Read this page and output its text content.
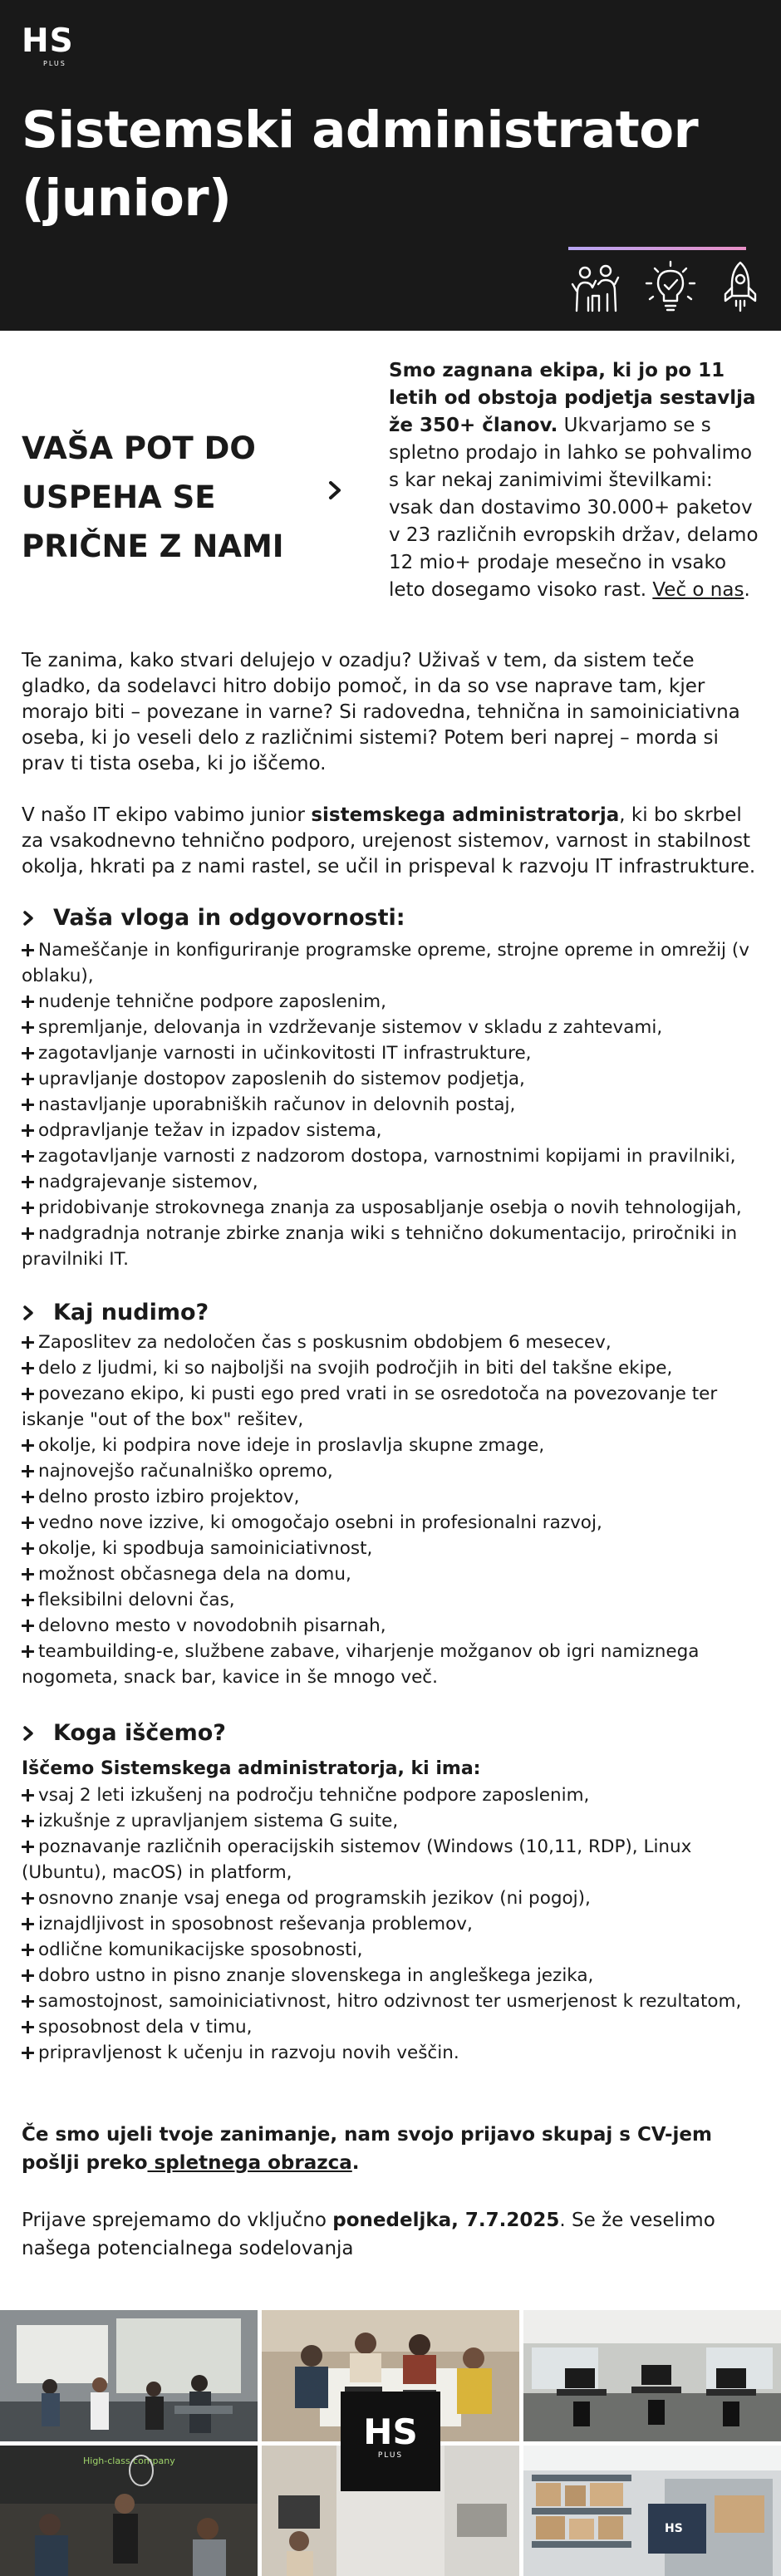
HS
PLUS
Sistemski administrator (junior)
VAŠA POT DO USPEHA SE PRIČNE Z NAMI

Smo zagnana ekipa, ki jo po 11 letih od obstoja podjetja sestavlja že 350+ članov. Ukvarjamo se s spletno prodajo in lahko se pohvalimo s kar nekaj zanimivimi številkami: vsak dan dostavimo 30.000+ paketov v 23 različnih evropskih držav, delamo 12 mio+ prodaje mesečno in vsako leto dosegamo visoko rast. Več o nas.

Te zanima, kako stvari delujejo v ozadju? Uživaš v tem, da sistem teče gladko, da sodelavci hitro dobijo pomoč, in da so vse naprave tam, kjer morajo biti – povezane in varne? Si radovedna, tehnična in samoiniciativna oseba, ki jo veseli delo z različnimi sistemi? Potem beri naprej – morda si prav ti tista oseba, ki jo iščemo.

V našo IT ekipo vabimo junior sistemskega administratorja, ki bo skrbel za vsakodnevno tehnično podporo, urejenost sistemov, varnost in stabilnost okolja, hkrati pa z nami rastel, se učil in prispeval k razvoju IT infrastrukture.

Vaša vloga in odgovornosti:
Nameščanje in konfiguriranje programske opreme, strojne opreme in omrežij (v oblaku),
nudenje tehnične podpore zaposlenim,
spremljanje, delovanja in vzdrževanje sistemov v skladu z zahtevami,
zagotavljanje varnosti in učinkovitosti IT infrastrukture,
upravljanje dostopov zaposlenih do sistemov podjetja,
nastavljanje uporabniških računov in delovnih postaj,
odpravljanje težav in izpadov sistema,
zagotavljanje varnosti z nadzorom dostopa, varnostnimi kopijami in pravilniki,
nadgrajevanje sistemov,
pridobivanje strokovnega znanja za usposabljanje osebja o novih tehnologijah,
nadgradnja notranje zbirke znanja wiki s tehnično dokumentacijo, priročniki in pravilniki IT.
Kaj nudimo?
Zaposlitev za nedoločen čas s poskusnim obdobjem 6 mesecev,
delo z ljudmi, ki so najboljši na svojih področjih in biti del takšne ekipe,
povezano ekipo, ki pusti ego pred vrati in se osredotoča na povezovanje ter iskanje "out of the box" rešitev,
okolje, ki podpira nove ideje in proslavlja skupne zmage,
najnovejšo računalniško opremo,
delno prosto izbiro projektov,
vedno nove izzive, ki omogočajo osebni in profesionalni razvoj,
okolje, ki spodbuja samoiniciativnost,
možnost občasnega dela na domu,
fleksibilni delovni čas,
delovno mesto v novodobnih pisarnah,
teambuilding-e, službene zabave, viharjenje možganov ob igri namiznega nogometa, snack bar, kavice in še mnogo več.
Koga iščemo?

Iščemo Sistemskega administratorja, ki ima:

vsaj 2 leti izkušenj na področju tehnične podpore zaposlenim,
izkušnje z upravljanjem sistema G suite,
poznavanje različnih operacijskih sistemov (Windows (10,11, RDP), Linux (Ubuntu), macOS) in platform,
osnovno znanje vsaj enega od programskih jezikov (ni pogoj),
iznajdljivost in sposobnost reševanja problemov,
odlične komunikacijske sposobnosti,
dobro ustno in pisno znanje slovenskega in angleškega jezika,
samostojnost, samoiniciativnost, hitro odzivnost ter usmerjenost k rezultatom,
sposobnost dela v timu,
pripravljenost k učenju in razvoju novih veščin.

Če smo ujeli tvoje zanimanje, nam svojo prijavo skupaj s CV-jem pošlji preko spletnega obrazca.

Prijave sprejemamo do vključno ponedeljka, 7.7.2025. Se že veselimo našega potencialnega sodelovanja

High-class company
HS
HS
PLUS
